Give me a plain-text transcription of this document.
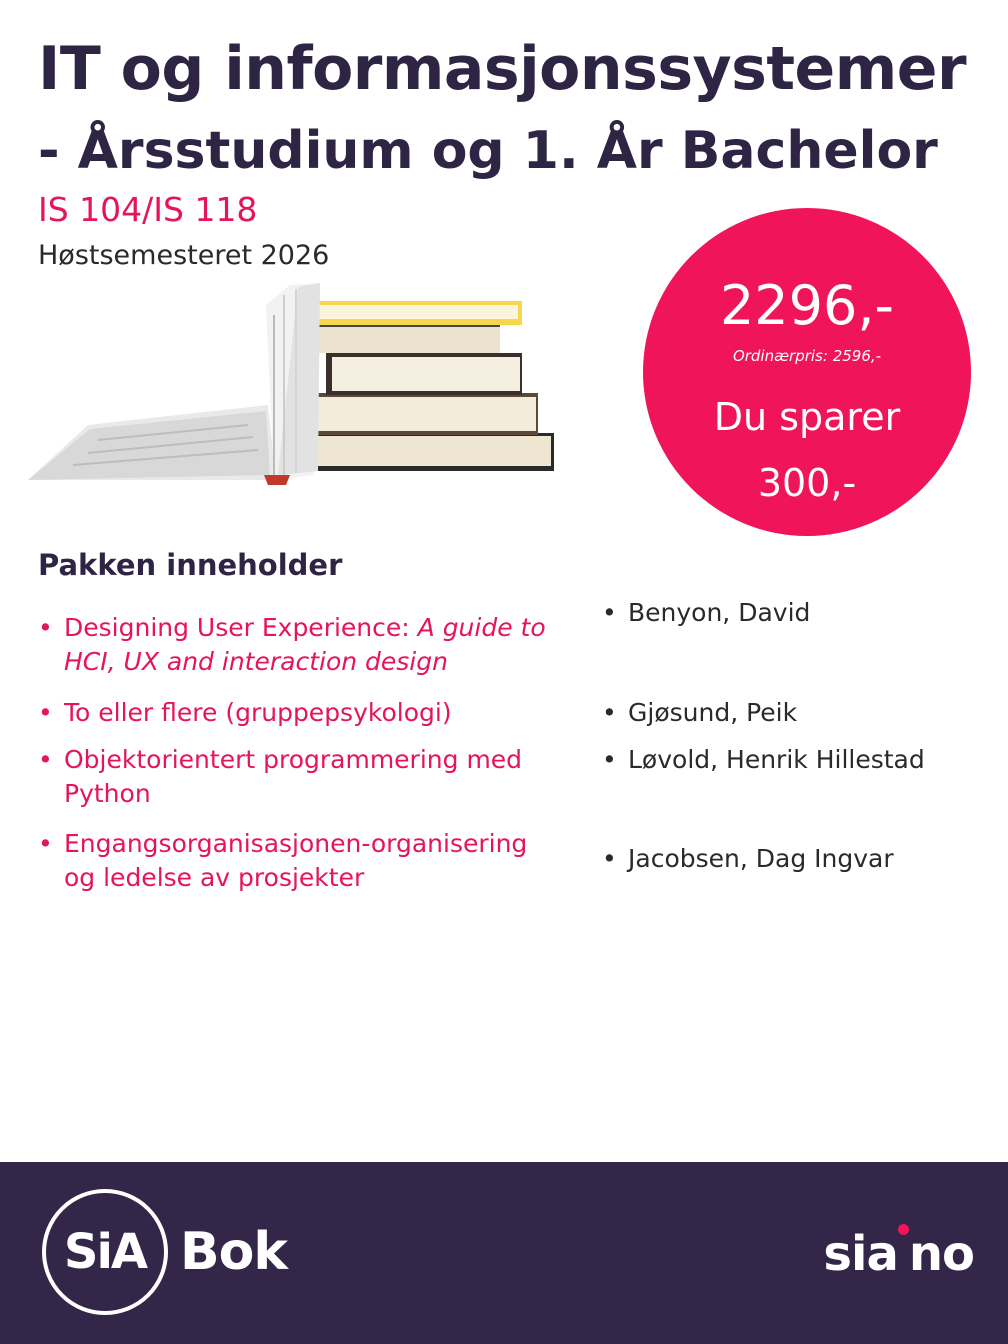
IT og informasjonssystemer
- Årsstudium og 1. År Bachelor
IS 104/IS 118
Høstsemesteret 2026
2296,-
Ordinærpris: 2596,-
Du sparer
300,-
Pakken inneholder
• Designing User Experience: A guide to HCI, UX and interaction design
• To eller flere (gruppepsykologi)
• Objektorientert programmering med Python
• Engangsorganisasjonen-organisering og ledelse av prosjekter
• Benyon, David
• Gjøsund, Peik
• Løvold, Henrik Hillestad
• Jacobsen, Dag Ingvar
SiA Bok	sia no
